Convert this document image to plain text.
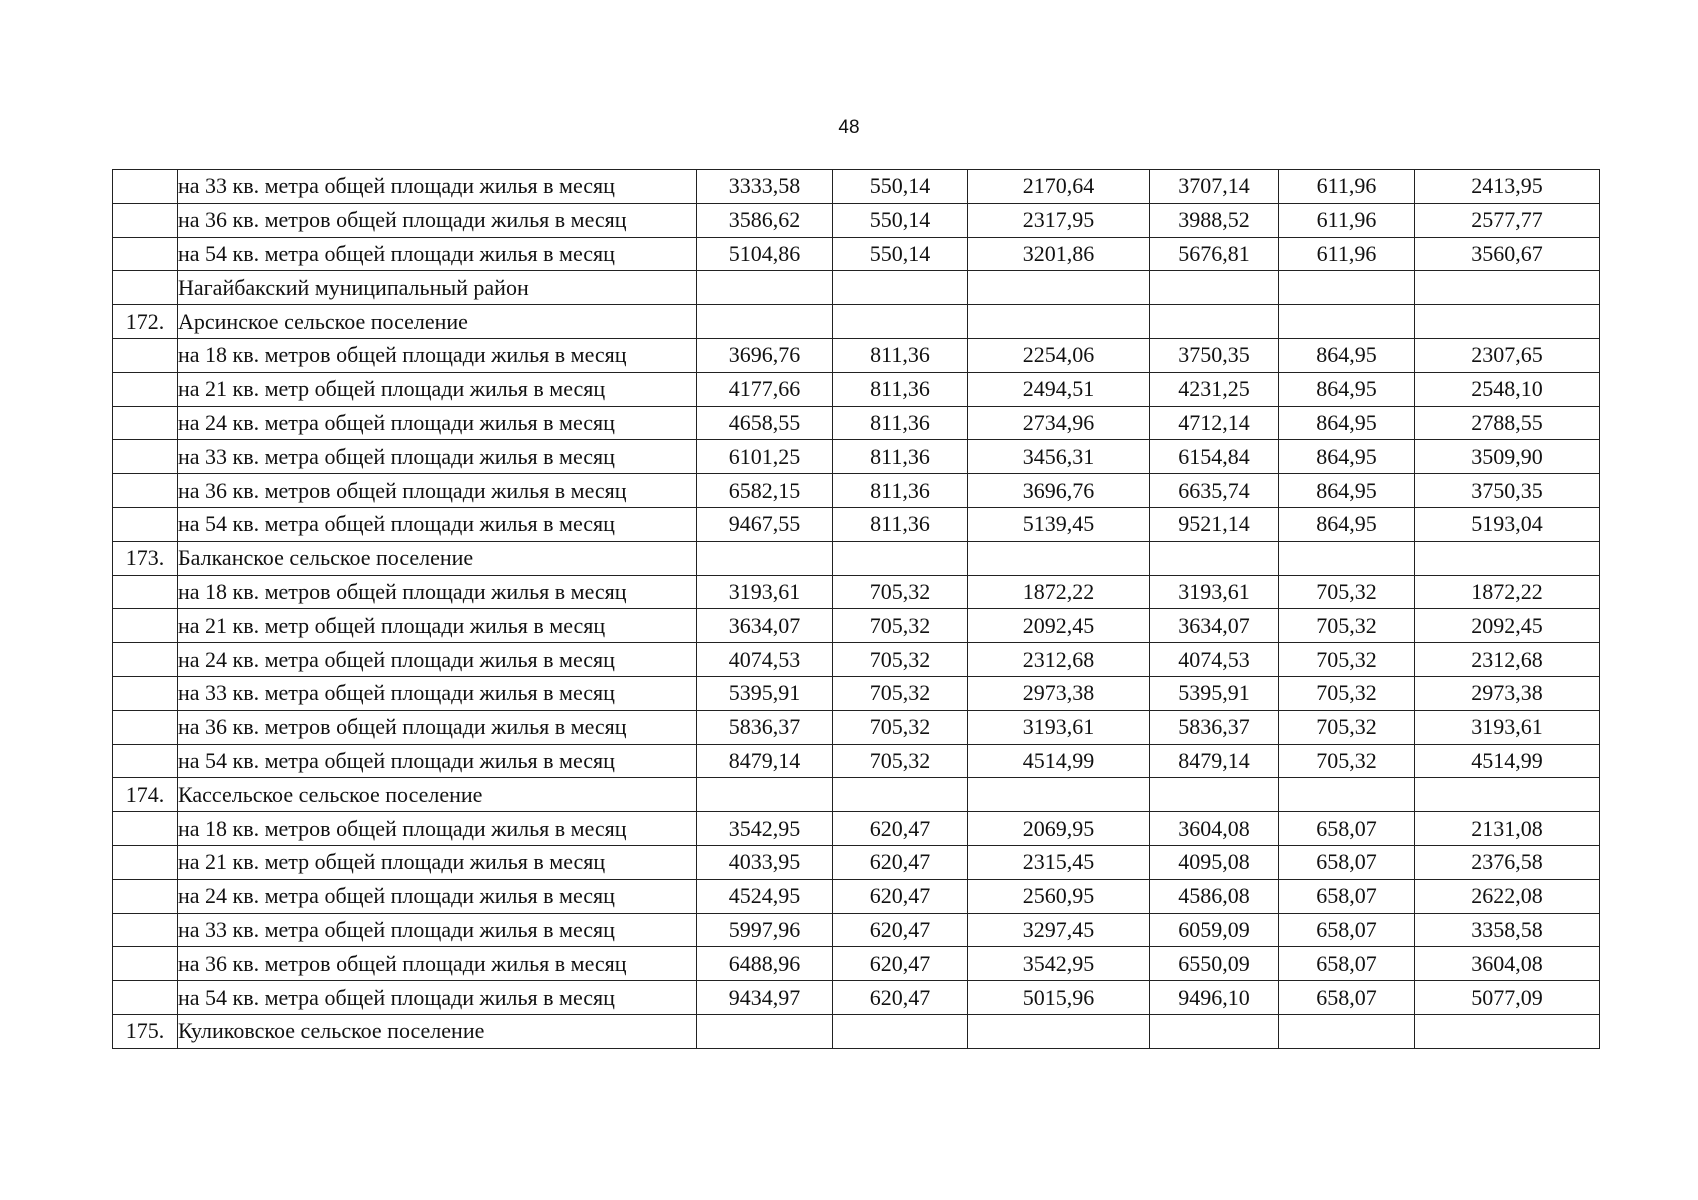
48
	на 33 кв. метра общей площади жилья в месяц	3333,58	550,14	2170,64	3707,14	611,96	2413,95
	на 36 кв. метров общей площади жилья в месяц	3586,62	550,14	2317,95	3988,52	611,96	2577,77
	на 54 кв. метра общей площади жилья в месяц	5104,86	550,14	3201,86	5676,81	611,96	3560,67
	Нагайбакский муниципальный район						
172.	Арсинское сельское поселение						
	на 18 кв. метров общей площади жилья в месяц	3696,76	811,36	2254,06	3750,35	864,95	2307,65
	на 21 кв. метр общей площади жилья в месяц	4177,66	811,36	2494,51	4231,25	864,95	2548,10
	на 24 кв. метра общей площади жилья в месяц	4658,55	811,36	2734,96	4712,14	864,95	2788,55
	на 33 кв. метра общей площади жилья в месяц	6101,25	811,36	3456,31	6154,84	864,95	3509,90
	на 36 кв. метров общей площади жилья в месяц	6582,15	811,36	3696,76	6635,74	864,95	3750,35
	на 54 кв. метра общей площади жилья в месяц	9467,55	811,36	5139,45	9521,14	864,95	5193,04
173.	Балканское сельское поселение						
	на 18 кв. метров общей площади жилья в месяц	3193,61	705,32	1872,22	3193,61	705,32	1872,22
	на 21 кв. метр общей площади жилья в месяц	3634,07	705,32	2092,45	3634,07	705,32	2092,45
	на 24 кв. метра общей площади жилья в месяц	4074,53	705,32	2312,68	4074,53	705,32	2312,68
	на 33 кв. метра общей площади жилья в месяц	5395,91	705,32	2973,38	5395,91	705,32	2973,38
	на 36 кв. метров общей площади жилья в месяц	5836,37	705,32	3193,61	5836,37	705,32	3193,61
	на 54 кв. метра общей площади жилья в месяц	8479,14	705,32	4514,99	8479,14	705,32	4514,99
174.	Кассельское сельское поселение						
	на 18 кв. метров общей площади жилья в месяц	3542,95	620,47	2069,95	3604,08	658,07	2131,08
	на 21 кв. метр общей площади жилья в месяц	4033,95	620,47	2315,45	4095,08	658,07	2376,58
	на 24 кв. метра общей площади жилья в месяц	4524,95	620,47	2560,95	4586,08	658,07	2622,08
	на 33 кв. метра общей площади жилья в месяц	5997,96	620,47	3297,45	6059,09	658,07	3358,58
	на 36 кв. метров общей площади жилья в месяц	6488,96	620,47	3542,95	6550,09	658,07	3604,08
	на 54 кв. метра общей площади жилья в месяц	9434,97	620,47	5015,96	9496,10	658,07	5077,09
175.	Куликовское сельское поселение						
